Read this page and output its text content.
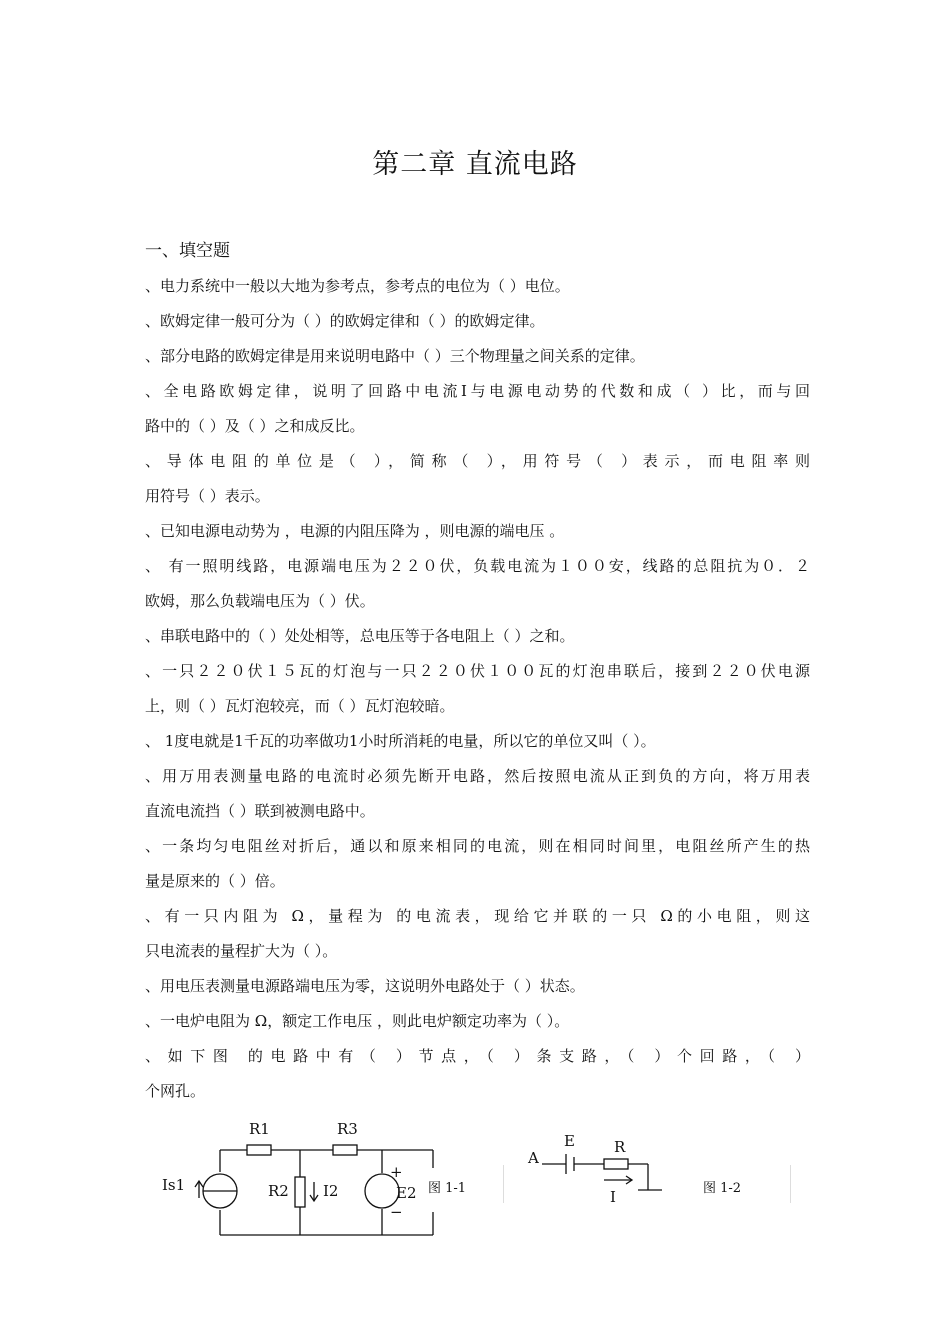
第二章 直流电路
一、填空题
、电力系统中一般以大地为参考点，参考点的电位为（ ）电位。
、欧姆定律一般可分为（ ）的欧姆定律和（ ）的欧姆定律。
、部分电路的欧姆定律是用来说明电路中（ ）三个物理量之间关系的定律。
、全电路欧姆定律，说明了回路中电流Ⅰ与电源电动势的代数和成（ ）比，而与回
路中的（ ）及（ ）之和成反比。
、导体电阻的单位是（ ），简称（ ），用符号（ ）表示，而电阻率则
用符号（ ）表示。
、已知电源电动势为 ，电源的内阻压降为 ，则电源的端电压 。
、 有一照明线路，电源端电压为２２０伏，负载电流为１００安，线路的总阻抗为０．２
欧姆，那么负载端电压为（ ）伏。
、串联电路中的（ ）处处相等，总电压等于各电阻上（ ）之和。
、一只２２０伏１５瓦的灯泡与一只２２０伏１００瓦的灯泡串联后，接到２２０伏电源
上，则（ ）瓦灯泡较亮，而（ ）瓦灯泡较暗。
、 1度电就是1千瓦的功率做功1小时所消耗的电量，所以它的单位又叫（ ）。
、用万用表测量电路的电流时必须先断开电路，然后按照电流从正到负的方向，将万用表
直流电流挡（ ）联到被测电路中。
、一条均匀电阻丝对折后，通以和原来相同的电流，则在相同时间里，电阻丝所产生的热
量是原来的（ ）倍。
、有一只内阻为 Ω，量程为 的电流表，现给它并联的一只 Ω的小电阻，则这
只电流表的量程扩大为（ ）。
、用电压表测量电源路端电压为零，这说明外电路处于（ ）状态。
、一电炉电阻为 Ω，额定工作电压 ，则此电炉额定功率为（ ）。
、如下图 的电路中有（ ）节点，（ ）条支路，（ ）个回路，（ ）
个网孔。
R1	R3
R2 I2
Is1	E2
+
−
图 1-1
A
E	R
I	图 1-2
